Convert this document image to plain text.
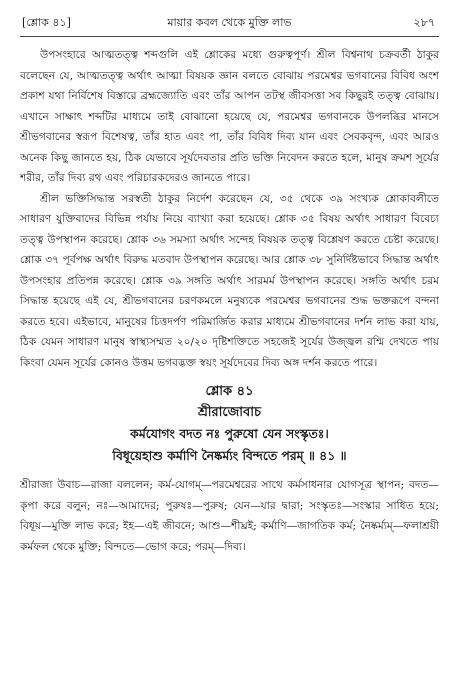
[শ্লোক ৪১]	মায়ার কবল থেকে মুক্তি লাভ	২৮৭

উপসংহারে আত্মতত্ত্ব শব্দগুলি এই শ্লোকের মধ্যে গুরুত্বপূর্ণ। শ্রীল বিশ্বনাথ চক্রবর্তী ঠাকুর বলেছেন যে, আত্মতত্ত্ব অর্থাৎ আত্মা বিষয়ক জ্ঞান বলতে বোঝায় পরমেশ্বর ভগবানের বিবিধ অংশ প্রকাশ যথা নির্বিশেষ বিস্তারে ব্রহ্মজ্যোতি এবং তাঁর আপন তটস্থ জীবসত্তা সব কিছুরই তত্ত্ব বোঝায়। এখানে সাক্ষাৎ শব্দটির মাধ্যমে তাই বোঝানো হয়েছে যে, পরমেশ্বর ভগবানকে উপলব্ধির মানসে শ্রীভগবানের স্বরূপ বিশেষত্ব, তাঁর হাত এবং পা, তাঁর বিবিধ দিব্য যান এবং সেবকবৃন্দ, এবং আরও অনেক কিছু জানতে হয়, ঠিক যেভাবে সূর্যদেবতার প্রতি ভক্তি নিবেদন করতে হলে, মানুষ ক্রমশ সূর্যের শরীর, তাঁর দিব্য রথ এবং পরিচারকদেরও জানতে পারে।

শ্রীল ভক্তিসিদ্ধান্ত সরস্বতী ঠাকুর নির্দেশ করেছেন যে, ৩৫ থেকে ৩৯ সংখ্যক শ্লোকাবলীতে সাধারণ যুক্তিবাদের বিভিন্ন পর্যায় নিয়ে ব্যাখ্যা করা হয়েছে। শ্লোক ৩৫ বিষয় অর্থাৎ সাধারণ বিবেচ্য তত্ত্ব উপস্থাপন করেছে। শ্লোক ৩৬ সমস্যা অর্থাৎ সন্দেহ বিষয়ক তত্ত্ব বিশ্লেষণ করতে চেষ্টা করেছে। শ্লোক ৩৭ পূর্বপক্ষ অর্থাৎ বিরুদ্ধ মতবাদ উপস্থাপন করেছে। আর শ্লোক ৩৮ সুনির্দিষ্টভাবে সিদ্ধান্ত অর্থাৎ উপসংহার প্রতিপন্ন করেছে। শ্লোক ৩৯ সঙ্গতি অর্থাৎ সারমর্ম উপস্থাপন করেছে। সঙ্গতি অর্থাৎ চরম সিদ্ধান্ত হয়েছে এই যে, শ্রীভগবানের চরণকমলে মনুষ্যকে পরমেশ্বর ভগবানের শুদ্ধ ভক্তরূপে বন্দনা করতে হবে। এইভাবে, মানুষের চিত্তদর্পণ পরিমার্জিত করার মাধ্যমে শ্রীভগবানের দর্শন লাভ করা যায়, ঠিক যেমন সাধারণ মানুষ স্বাস্থ্যসম্মত ২০/২০ দৃষ্টিশক্তিতে সহজেই সূর্যের উজ্জ্বল রশ্মি দেখতে পায় কিংবা যেমন সূর্যের কোনও উত্তম ভগবদ্ভক্ত স্বয়ং সূর্যদেবের দিব্য অঙ্গ দর্শন করতে পারে।

শ্লোক ৪১
শ্রীরাজোবাচ
কর্মযোগং বদত নঃ পুরুষো যেন সংস্কৃতঃ।
বিধূয়েহাশু কর্মাণি নৈষ্কর্ম্যং বিন্দতে পরম্ ॥ ৪১ ॥
শ্রীরাজা উবাচ—রাজা বললেন; কর্ম-যোগম্—পরমেশ্বরের সাথে কর্মসাধনার যোগসূত্র স্থাপন; বদত—কৃপা করে বলুন; নঃ—আমাদের; পুরুষঃ—পুরুষ; যেন—যার দ্বারা; সংস্কৃতঃ—সংস্কার সাধিত হয়ে; বিধূয়—মুক্তি লাভ করে; ইহ—এই জীবনে; আশু—শীঘ্রই; কর্মাণি—জাগতিক কর্ম; নৈষ্কর্ম্যম্—ফলাশ্রয়ী কর্মফল থেকে মুক্তি; বিন্দতে—ভোগ করে; পরম্—দিব্য।
